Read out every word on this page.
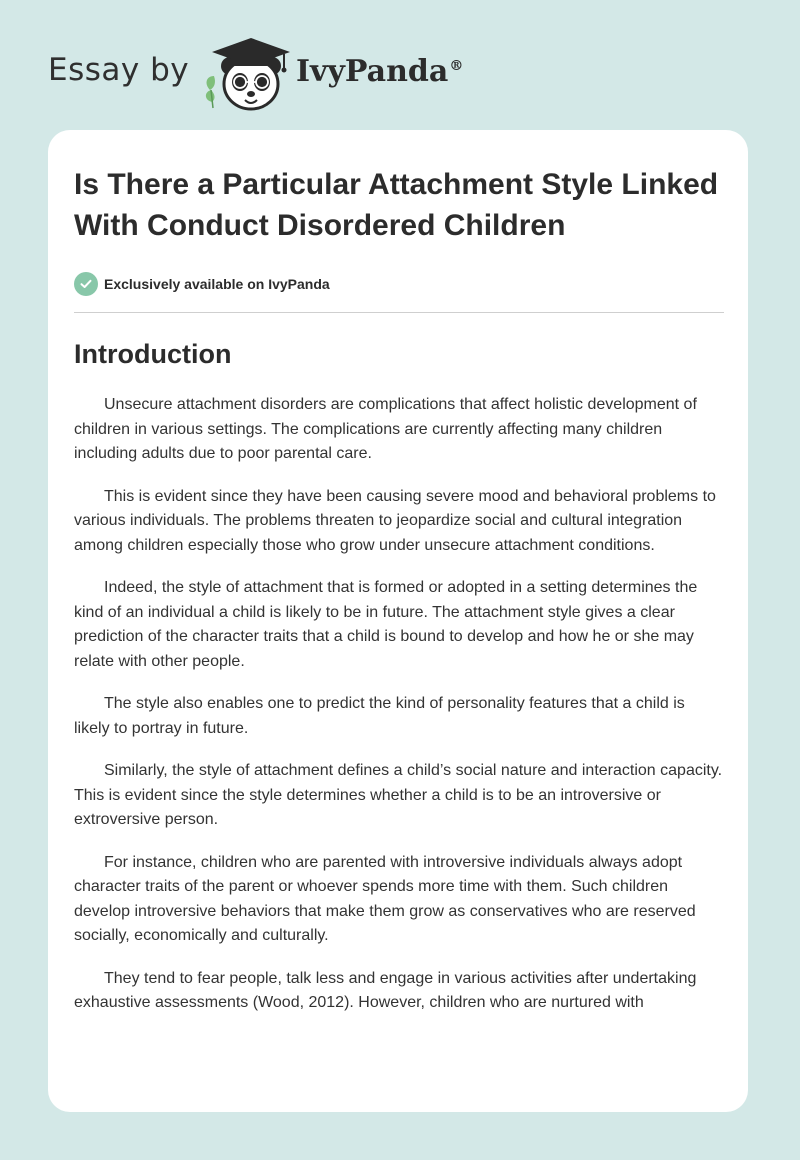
Essay by	IvyPanda®
Is There a Particular Attachment Style Linked With Conduct Disordered Children
Exclusively available on IvyPanda
Introduction

Unsecure attachment disorders are complications that affect holistic development of children in various settings. The complications are currently affecting many children including adults due to poor parental care.

This is evident since they have been causing severe mood and behavioral problems to various individuals. The problems threaten to jeopardize social and cultural integration among children especially those who grow under unsecure attachment conditions.

Indeed, the style of attachment that is formed or adopted in a setting determines the kind of an individual a child is likely to be in future. The attachment style gives a clear prediction of the character traits that a child is bound to develop and how he or she may relate with other people.

The style also enables one to predict the kind of personality features that a child is likely to portray in future.

Similarly, the style of attachment defines a child’s social nature and interaction capacity. This is evident since the style determines whether a child is to be an introversive or extroversive person.

For instance, children who are parented with introversive individuals always adopt character traits of the parent or whoever spends more time with them. Such children develop introversive behaviors that make them grow as conservatives who are reserved socially, economically and culturally.

They tend to fear people, talk less and engage in various activities after undertaking exhaustive assessments (Wood, 2012). However, children who are nurtured with
